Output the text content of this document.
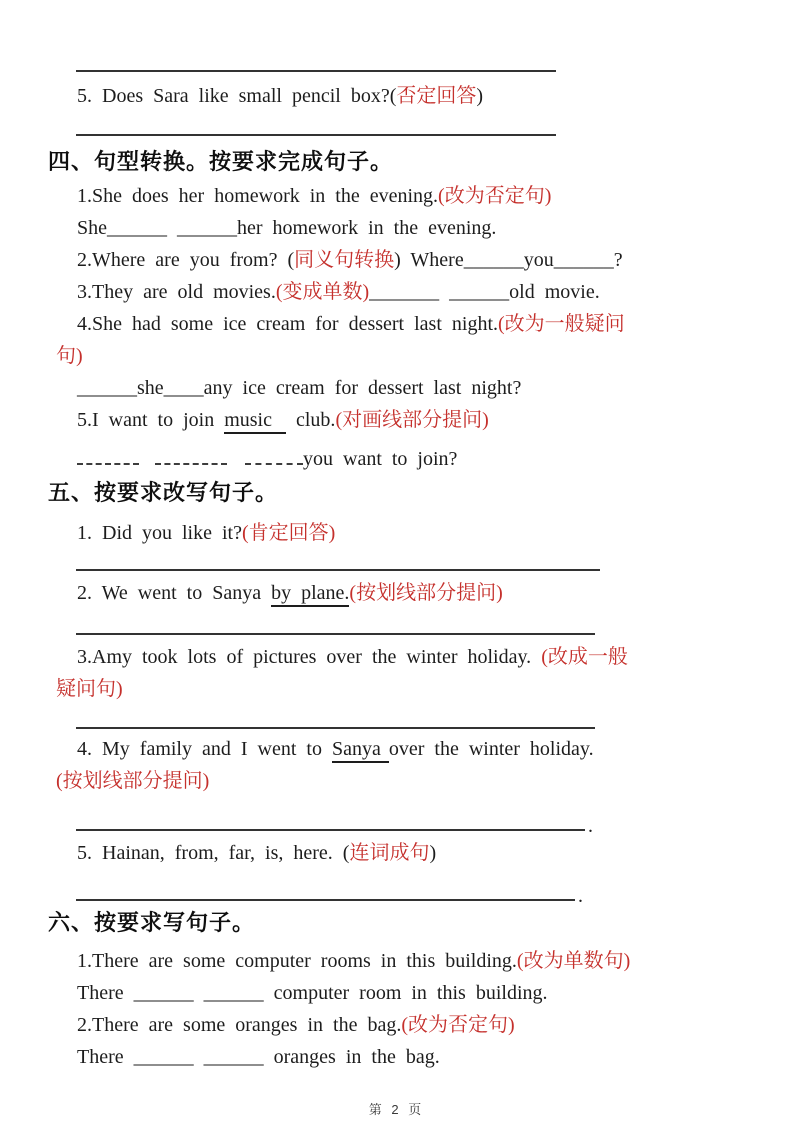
5. Does Sara like small pencil box?(否定回答)
四、句型转换。按要求完成句子。
1.She does her homework in the evening.(改为否定句)
She______ ______her homework in the evening.
2.Where are you from? (同义句转换) Where______you______?
3.They are old movies.(变成单数)_______ ______old movie.
4.She had some ice cream for dessert last night.(改为一般疑问
句)
______she____any ice cream for dessert last night?
5.I want to join music club.(对画线部分提问)
you want to join?
五、按要求改写句子。
1. Did you like it?(肯定回答)
2. We went to Sanya by plane.(按划线部分提问)
3.Amy took lots of pictures over the winter holiday. (改成一般
疑问句)
4. My family and I went to Sanya over the winter holiday.
(按划线部分提问)
.
5. Hainan, from, far, is, here. (连词成句)
.
六、按要求写句子。
1.There are some computer rooms in this building.(改为单数句)
There ______ ______ computer room in this building.
2.There are some oranges in the bag.(改为否定句)
There ______ ______ oranges in the bag.
第 2 页
